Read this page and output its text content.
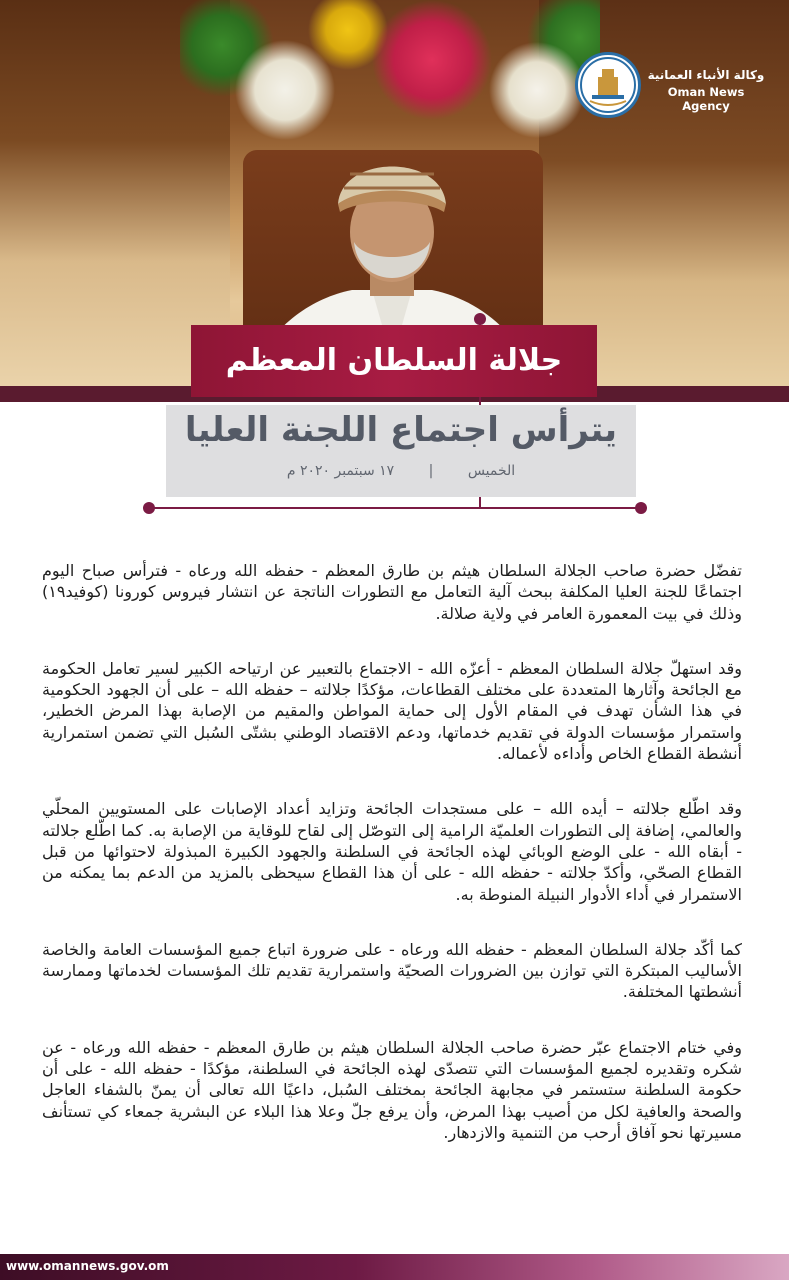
وكالة الأنباء العمانية
Oman News Agency
جلالة السلطان المعظم
يترأس اجتماع اللجنة العليا
الخميس | ١٧ سبتمبر ٢٠٢٠ م

تفضّل حضرة صاحب الجلالة السلطان هيثم بن طارق المعظم - حفظه الله ورعاه - فترأس صباح اليوم اجتماعًا للجنة العليا المكلفة ببحث آلية التعامل مع التطورات الناتجة عن انتشار فيروس كورونا (كوفيد١٩) وذلك في بيت المعمورة العامر في ولاية صلالة.

وقد استهلّ جلالة السلطان المعظم - أعزّه الله - الاجتماع بالتعبير عن ارتياحه الكبير لسير تعامل الحكومة مع الجائحة وآثارها المتعددة على مختلف القطاعات، مؤكدًا جلالته – حفظه الله – على أن الجهود الحكومية في هذا الشأن تهدف في المقام الأول إلى حماية المواطن والمقيم من الإصابة بهذا المرض الخطير، واستمرار مؤسسات الدولة في تقديم خدماتها، ودعم الاقتصاد الوطني بشتّى السُبل التي تضمن استمرارية أنشطة القطاع الخاص وأداءه لأعماله.

وقد اطّلع جلالته – أيده الله – على مستجدات الجائحة وتزايد أعداد الإصابات على المستويين المحلّي والعالمي، إضافة إلى التطورات العلميّة الرامية إلى التوصّل إلى لقاح للوقاية من الإصابة به. كما اطّلع جلالته - أبقاه الله - على الوضع الوبائي لهذه الجائحة في السلطنة والجهود الكبيرة المبذولة لاحتوائها من قبل القطاع الصحّي، وأكدّ جلالته - حفظه الله - على أن هذا القطاع سيحظى بالمزيد من الدعم بما يمكنه من الاستمرار في أداء الأدوار النبيلة المنوطة به.

كما أكّد جلالة السلطان المعظم - حفظه الله ورعاه - على ضرورة اتباع جميع المؤسسات العامة والخاصة الأساليب المبتكرة التي توازن بين الضرورات الصحيّة واستمرارية تقديم تلك المؤسسات لخدماتها وممارسة أنشطتها المختلفة.

وفي ختام الاجتماع عبّر حضرة صاحب الجلالة السلطان هيثم بن طارق المعظم - حفظه الله ورعاه - عن شكره وتقديره لجميع المؤسسات التي تتصدّى لهذه الجائحة في السلطنة، مؤكدًا - حفظه الله - على أن حكومة السلطنة ستستمر في مجابهة الجائحة بمختلف السُبل، داعيًا الله تعالى أن يمنّ بالشفاء العاجل والصحة والعافية لكل من أصيب بهذا المرض، وأن يرفع جلّ وعلا هذا البلاء عن البشرية جمعاء كي تستأنف مسيرتها نحو آفاق أرحب من التنمية والازدهار.

www.omannews.gov.om
